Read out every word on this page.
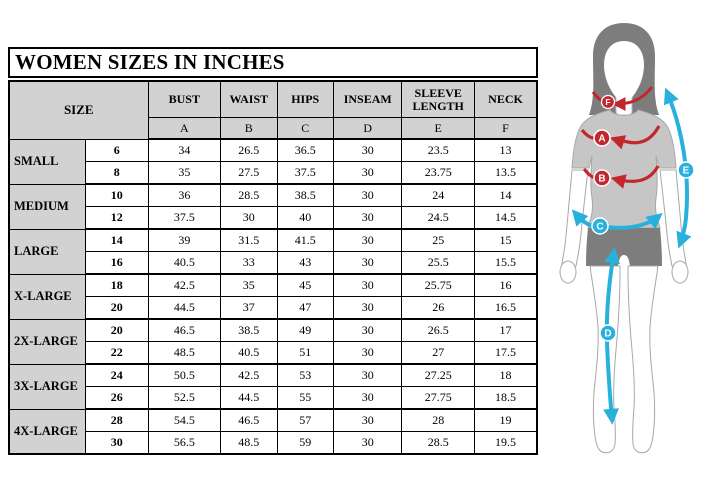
WOMEN SIZES IN INCHES
SIZE		BUST	WAIST	HIPS	INSEAM	SLEEVE LENGTH	NECK
		A	B	C	D	E	F
SMALL	6	34	26.5	36.5	30	23.5	13
	8	35	27.5	37.5	30	23.75	13.5
MEDIUM	10	36	28.5	38.5	30	24	14
	12	37.5	30	40	30	24.5	14.5
LARGE	14	39	31.5	41.5	30	25	15
	16	40.5	33	43	30	25.5	15.5
X-LARGE	18	42.5	35	45	30	25.75	16
	20	44.5	37	47	30	26	16.5
2X-LARGE	20	46.5	38.5	49	30	26.5	17
	22	48.5	40.5	51	30	27	17.5
3X-LARGE	24	50.5	42.5	53	30	27.25	18
	26	52.5	44.5	55	30	27.75	18.5
4X-LARGE	28	54.5	46.5	57	30	28	19
	30	56.5	48.5	59	30	28.5	19.5
A
B
C
D
E
F
